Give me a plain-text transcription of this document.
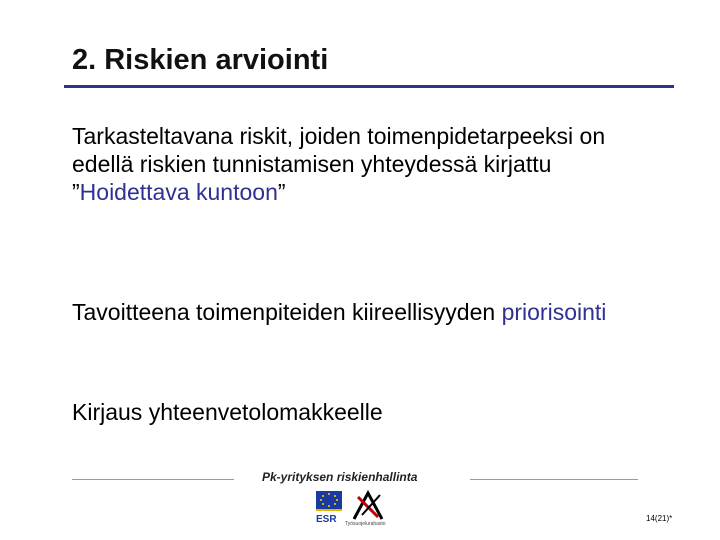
2. Riskien arviointi
Tarkasteltavana riskit, joiden toimenpidetarpeeksi on edellä riskien tunnistamisen yhteydessä kirjattu ”Hoidettava kuntoon”
Tavoitteena toimenpiteiden kiireellisyyden priorisointi
Kirjaus yhteenvetolomakkeelle
Pk-yrityksen riskienhallinta
ESR Työsuojelurahasto
14(21)*
